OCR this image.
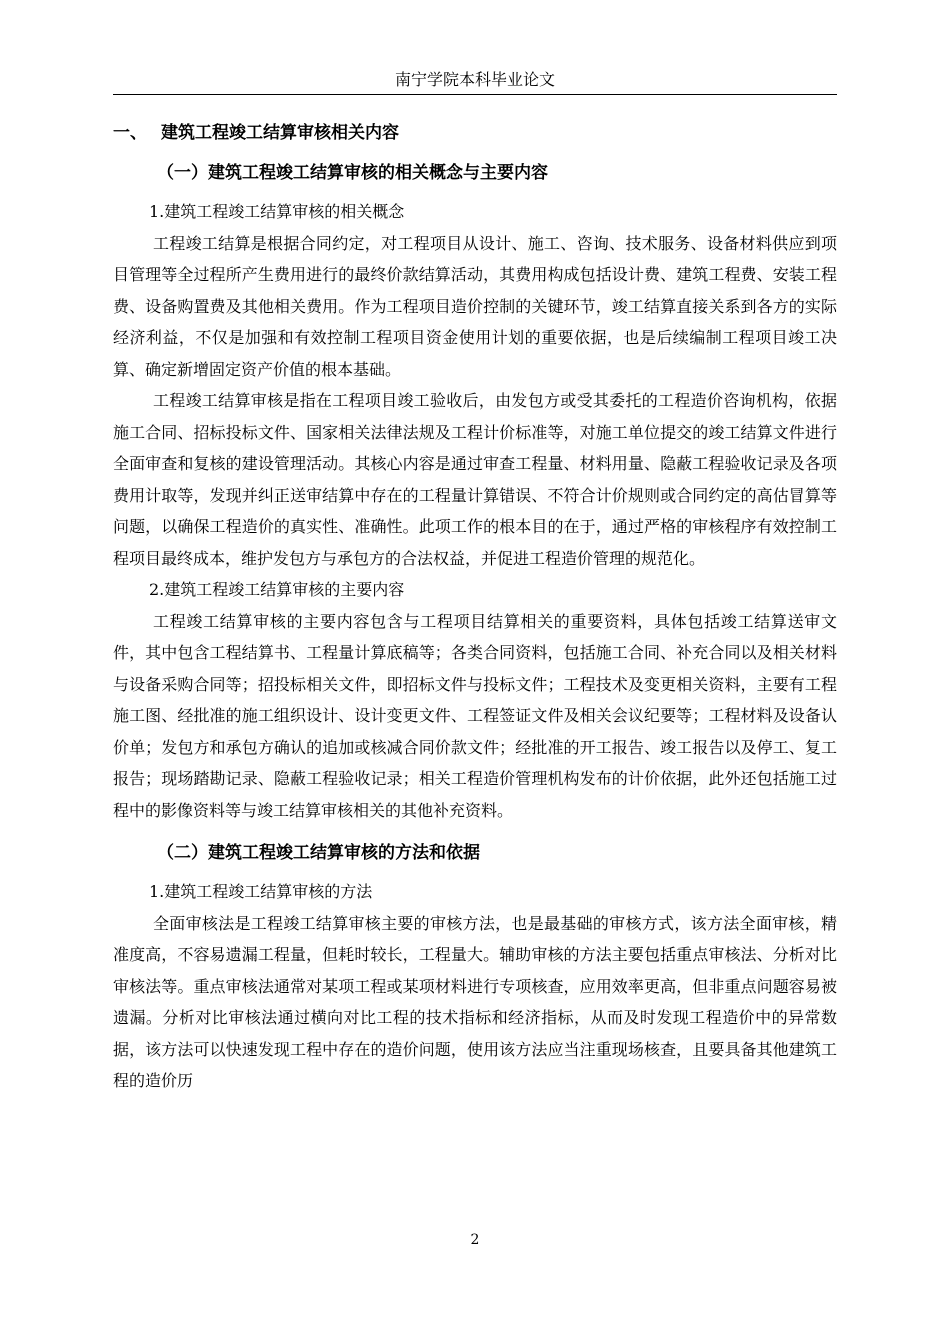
南宁学院本科毕业论文
一、 建筑工程竣工结算审核相关内容
（一）建筑工程竣工结算审核的相关概念与主要内容
1.建筑工程竣工结算审核的相关概念

工程竣工结算是根据合同约定，对工程项目从设计、施工、咨询、技术服务、设备材料供应到项目管理等全过程所产生费用进行的最终价款结算活动，其费用构成包括设计费、建筑工程费、安装工程费、设备购置费及其他相关费用。作为工程项目造价控制的关键环节，竣工结算直接关系到各方的实际经济利益，不仅是加强和有效控制工程项目资金使用计划的重要依据，也是后续编制工程项目竣工决算、确定新增固定资产价值的根本基础。

工程竣工结算审核是指在工程项目竣工验收后，由发包方或受其委托的工程造价咨询机构，依据施工合同、招标投标文件、国家相关法律法规及工程计价标准等，对施工单位提交的竣工结算文件进行全面审查和复核的建设管理活动。其核心内容是通过审查工程量、材料用量、隐蔽工程验收记录及各项费用计取等，发现并纠正送审结算中存在的工程量计算错误、不符合计价规则或合同约定的高估冒算等问题，以确保工程造价的真实性、准确性。此项工作的根本目的在于，通过严格的审核程序有效控制工程项目最终成本，维护发包方与承包方的合法权益，并促进工程造价管理的规范化。

2.建筑工程竣工结算审核的主要内容

工程竣工结算审核的主要内容包含与工程项目结算相关的重要资料，具体包括竣工结算送审文件，其中包含工程结算书、工程量计算底稿等；各类合同资料，包括施工合同、补充合同以及相关材料与设备采购合同等；招投标相关文件，即招标文件与投标文件；工程技术及变更相关资料，主要有工程施工图、经批准的施工组织设计、设计变更文件、工程签证文件及相关会议纪要等；工程材料及设备认价单；发包方和承包方确认的追加或核减合同价款文件；经批准的开工报告、竣工报告以及停工、复工报告；现场踏勘记录、隐蔽工程验收记录；相关工程造价管理机构发布的计价依据，此外还包括施工过程中的影像资料等与竣工结算审核相关的其他补充资料。

（二）建筑工程竣工结算审核的方法和依据
1.建筑工程竣工结算审核的方法

全面审核法是工程竣工结算审核主要的审核方法，也是最基础的审核方式，该方法全面审核，精准度高，不容易遗漏工程量，但耗时较长，工程量大。辅助审核的方法主要包括重点审核法、分析对比审核法等。重点审核法通常对某项工程或某项材料进行专项核查，应用效率更高，但非重点问题容易被遗漏。分析对比审核法通过横向对比工程的技术指标和经济指标，从而及时发现工程造价中的异常数据，该方法可以快速发现工程中存在的造价问题，使用该方法应当注重现场核查，且要具备其他建筑工程的造价历

2
